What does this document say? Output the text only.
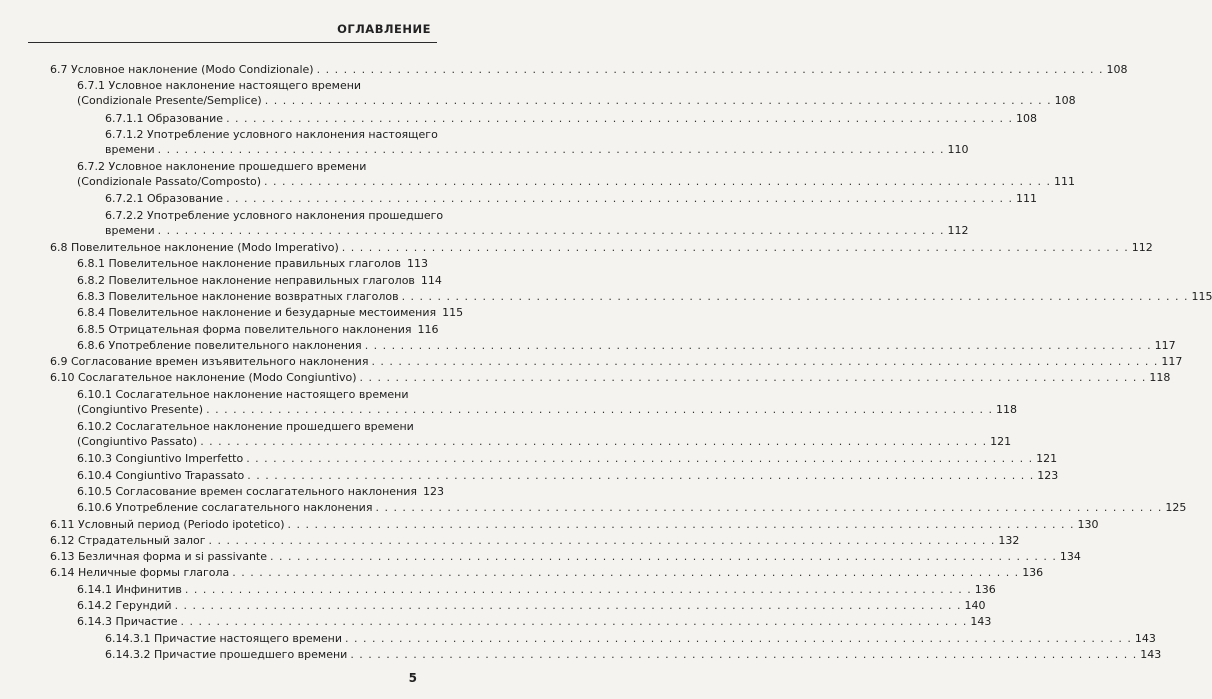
ОГЛАВЛЕНИЕ
6.7 Условное наклонение (Modo Condizionale) . . .	108
6.7.1 Условное наклонение настоящего времени
(Condizionale Presente/Semplice) . . .	108
6.7.1.1 Образование . . .	108
6.7.1.2 Употребление условного наклонения настоящего
времени . . .	110
6.7.2 Условное наклонение прошедшего времени
(Condizionale Passato/Composto) . . .	111
6.7.2.1 Образование . . .	111
6.7.2.2 Употребление условного наклонения прошедшего
времени . . .	112
6.8 Повелительное наклонение (Modo Imperativo) . . .	112
6.8.1 Повелительное наклонение правильных глаголов . . . 113
6.8.2 Повелительное наклонение неправильных глаголов 114
6.8.3 Повелительное наклонение возвратных глаголов . . .	115
6.8.4 Повелительное наклонение и безударные местоимения 115
6.8.5 Отрицательная форма повелительного наклонения 116
6.8.6 Употребление повелительного наклонения . . .	117
6.9 Согласование времен изъявительного наклонения . . .	117
6.10 Сослагательное наклонение (Modo Congiuntivo) . . .	118
6.10.1 Сослагательное наклонение настоящего времени
(Congiuntivo Presente) . . .	118
6.10.2 Сослагательное наклонение прошедшего времени
(Congiuntivo Passato) . . .	121
6.10.3 Congiuntivo Imperfetto . . .	121
6.10.4 Congiuntivo Trapassato . . .	123
6.10.5 Согласование времен сослагательного наклонения 123
6.10.6 Употребление сослагательного наклонения . . .	125
6.11 Условный период (Periodo ipotetico) . . .	130
6.12 Страдательный залог . . .	132
6.13 Безличная форма и si passivante . . .	134
6.14 Неличные формы глагола . . .	136
6.14.1 Инфинитив . . .	136
6.14.2 Герундий . . .	140
6.14.3 Причастие . . .	143
6.14.3.1 Причастие настоящего времени . . .	143
6.14.3.2 Причастие прошедшего времени . . .	143
5
